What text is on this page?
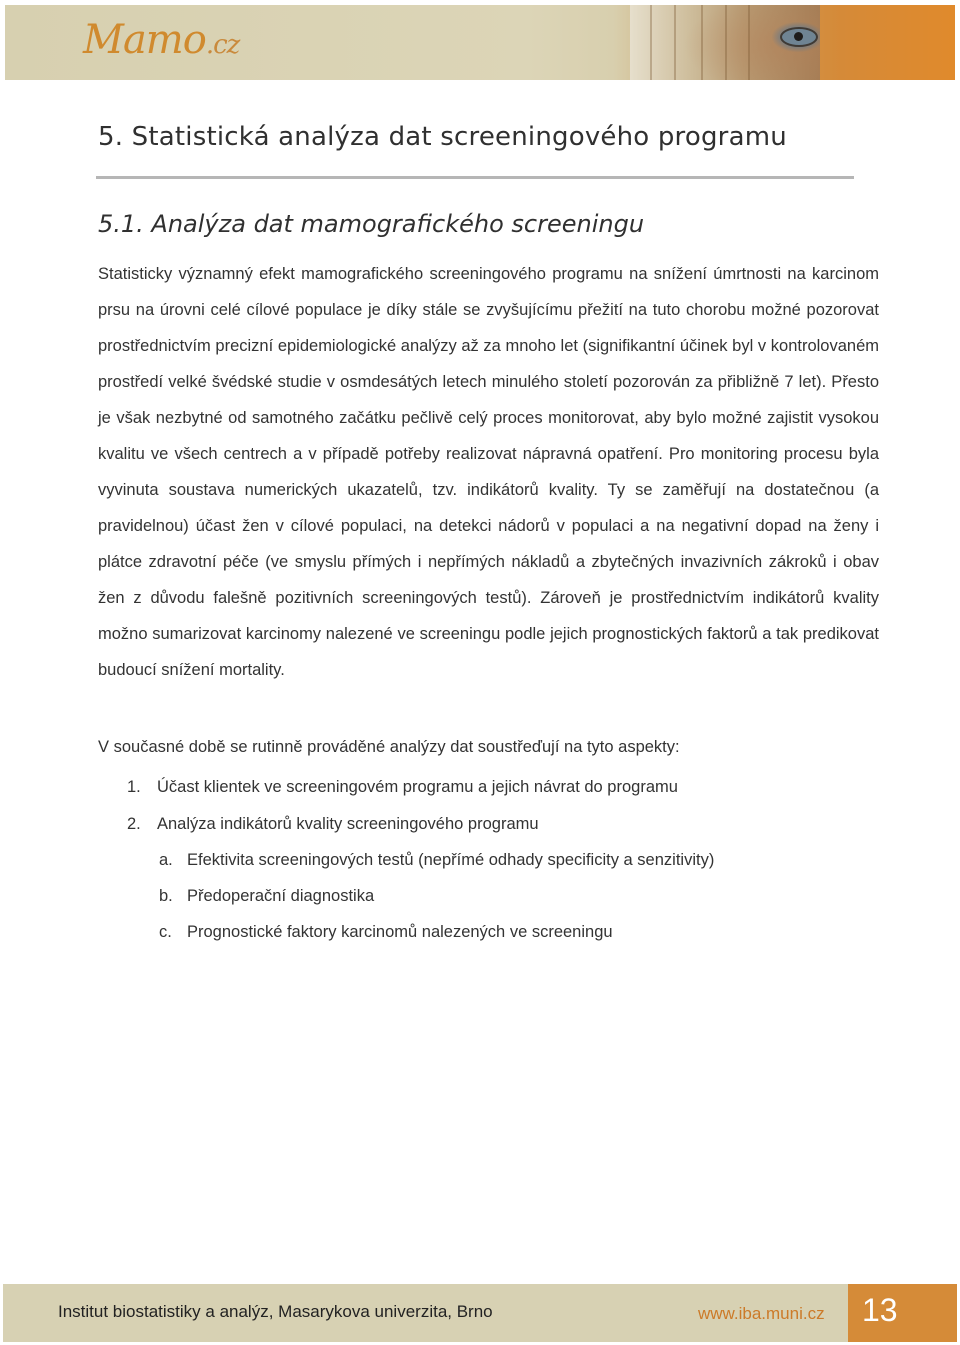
Mamo.cz
5. Statistická analýza dat screeningového programu
5.1. Analýza dat mamografického screeningu

Statisticky významný efekt mamografického screeningového programu na snížení úmrtnosti na karcinom prsu na úrovni celé cílové populace je díky stále se zvyšujícímu přežití na tuto chorobu možné pozorovat prostřednictvím precizní epidemiologické analýzy až za mnoho let (signifikantní účinek byl v kontrolovaném prostředí velké švédské studie v osmdesátých letech minulého století pozorován za přibližně 7 let). Přesto je však nezbytné od samotného začátku pečlivě celý proces monitorovat, aby bylo možné zajistit vysokou kvalitu ve všech centrech a v případě potřeby realizovat nápravná opatření. Pro monitoring procesu byla vyvinuta soustava numerických ukazatelů, tzv. indikátorů kvality. Ty se zaměřují na dostatečnou (a pravidelnou) účast žen v cílové populaci, na detekci nádorů v populaci a na negativní dopad na ženy i plátce zdravotní péče (ve smyslu přímých i nepřímých nákladů a zbytečných invazivních zákroků i obav žen z důvodu falešně pozitivních screeningových testů). Zároveň je prostřednictvím indikátorů kvality možno sumarizovat karcinomy nalezené ve screeningu podle jejich prognostických faktorů a tak predikovat budoucí snížení mortality.

V současné době se rutinně prováděné analýzy dat soustřeďují na tyto aspekty:

1. Účast klientek ve screeningovém programu a jejich návrat do programu
2. Analýza indikátorů kvality screeningového programu
a. Efektivita screeningových testů (nepřímé odhady specificity a senzitivity)
b. Předoperační diagnostika
c. Prognostické faktory karcinomů nalezených ve screeningu
Institut biostatistiky a analýz, Masarykova univerzita, Brno	www.iba.muni.cz 13
